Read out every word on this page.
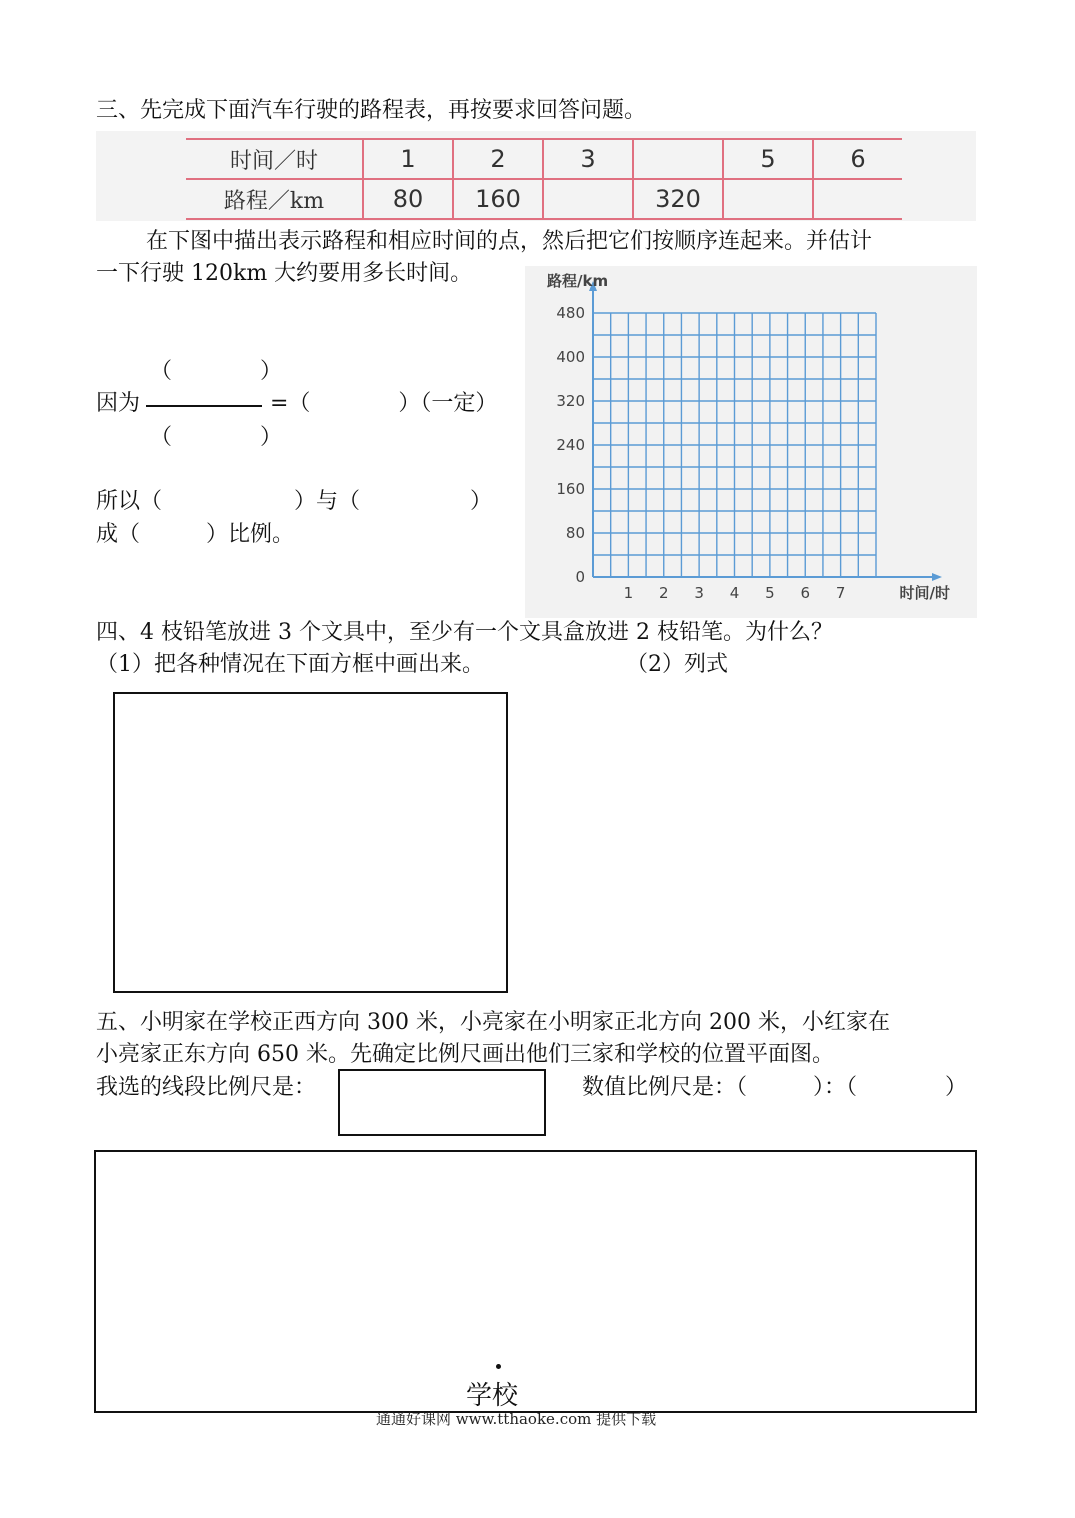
三、先完成下面汽车行驶的路程表，再按要求回答问题。
时间／时	1	2	3		5	6
路程／km	80	160		320		
在下图中描出表示路程和相应时间的点，然后把它们按顺序连起来。并估计
一下行驶 120km 大约要用多长时间。
（　　　　）
因为	=（　　　　）（一定）
（　　　　）
所以（　　　　　　）与（　　　　　）
成（　　　）比例。
1 2 3 4 5 6 7
0
80
160
240
320
400
480
路程/km
时间/时
四、4 枝铅笔放进 3 个文具中，至少有一个文具盒放进 2 枝铅笔。为什么？
（1）把各种情况在下面方框中画出来。	（2）列式
五、小明家在学校正西方向 300 米，小亮家在小明家正北方向 200 米，小红家在
小亮家正东方向 650 米。先确定比例尺画出他们三家和学校的位置平面图。
我选的线段比例尺是：	数值比例尺是：（　　　）：（　　　　）
学校
通通好课网 www.tthaoke.com 提供下载
